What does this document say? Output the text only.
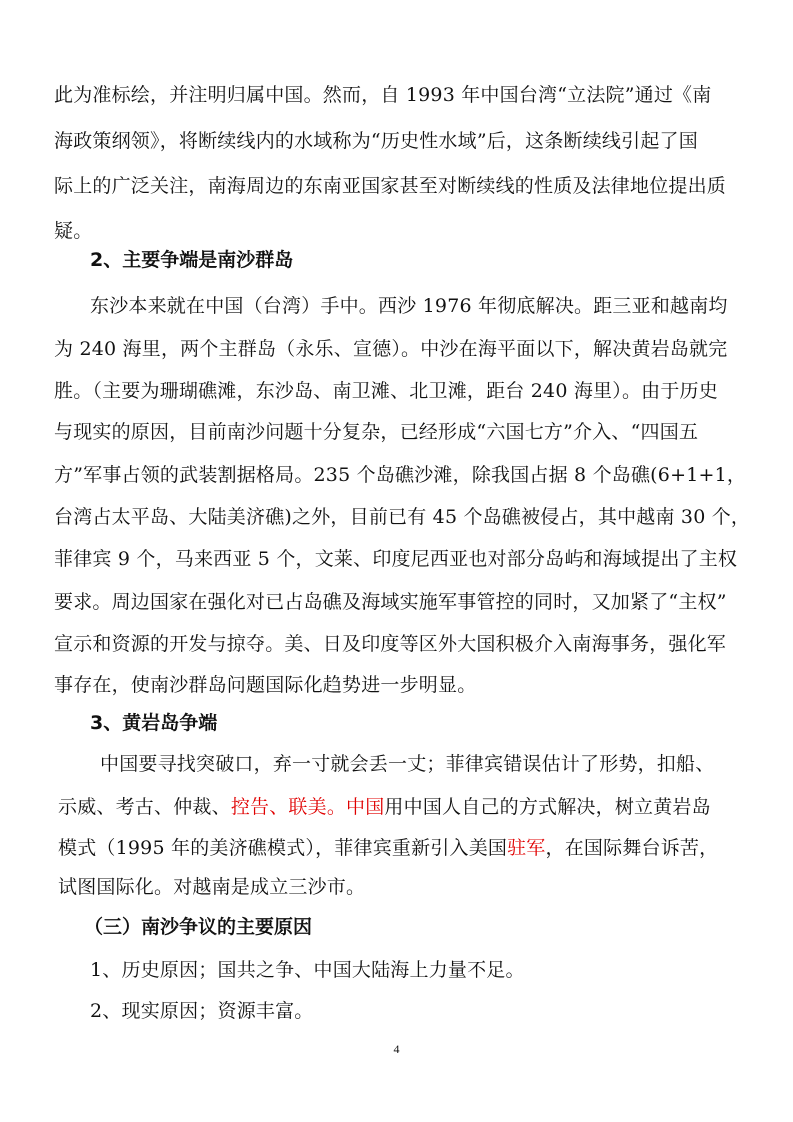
此为准标绘，并注明归属中国。然而，自 1993 年中国台湾“立法院”通过《南
海政策纲领》，将断续线内的水域称为“历史性水域”后，这条断续线引起了国
际上的广泛关注，南海周边的东南亚国家甚至对断续线的性质及法律地位提出质
疑。
2、主要争端是南沙群岛
东沙本来就在中国（台湾）手中。西沙 1976 年彻底解决。距三亚和越南均
为 240 海里，两个主群岛（永乐、宣德）。中沙在海平面以下，解决黄岩岛就完
胜。（主要为珊瑚礁滩，东沙岛、南卫滩、北卫滩，距台 240 海里）。由于历史
与现实的原因，目前南沙问题十分复杂，已经形成“六国七方”介入、“四国五
方”军事占领的武装割据格局。235 个岛礁沙滩，除我国占据 8 个岛礁(6+1+1，
台湾占太平岛、大陆美济礁)之外，目前已有 45 个岛礁被侵占，其中越南 30 个，
菲律宾 9 个，马来西亚 5 个，文莱、印度尼西亚也对部分岛屿和海域提出了主权
要求。周边国家在强化对已占岛礁及海域实施军事管控的同时，又加紧了“主权”
宣示和资源的开发与掠夺。美、日及印度等区外大国积极介入南海事务，强化军
事存在，使南沙群岛问题国际化趋势进一步明显。
3、黄岩岛争端
中国要寻找突破口，弃一寸就会丢一丈；菲律宾错误估计了形势，扣船、
示威、考古、仲裁、控告、联美。中国用中国人自己的方式解决，树立黄岩岛
模式（1995 年的美济礁模式），菲律宾重新引入美国驻军，在国际舞台诉苦，
试图国际化。对越南是成立三沙市。
（三）南沙争议的主要原因
1、历史原因；国共之争、中国大陆海上力量不足。
2、现实原因；资源丰富。
4
